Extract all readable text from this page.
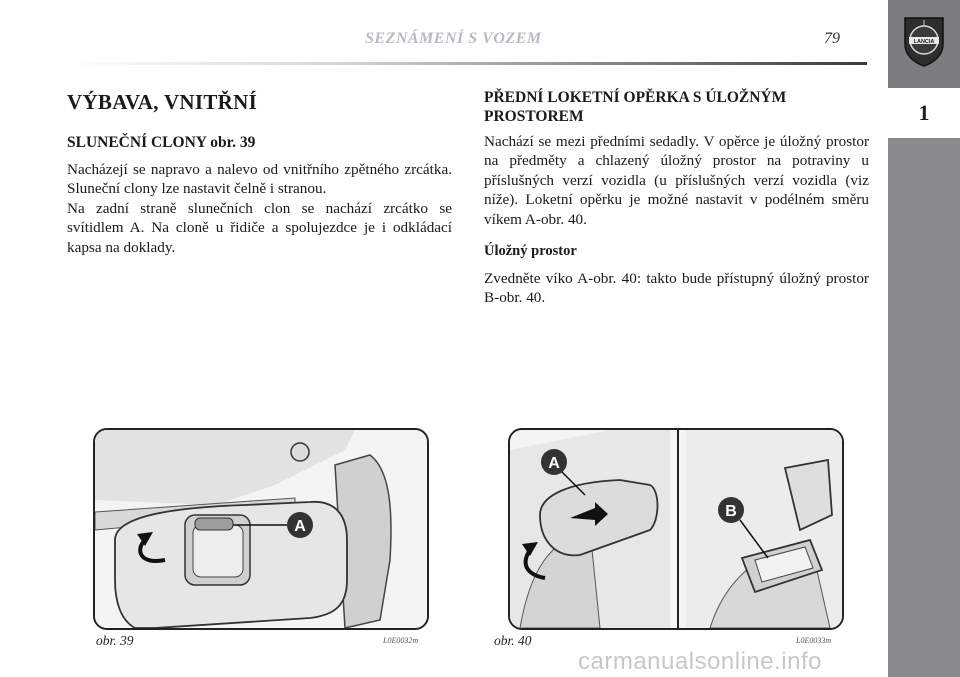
SEZNÁMENÍ S VOZEM	79	LANCIA
1
VÝBAVA, VNITŘNÍ
SLUNEČNÍ CLONY obr. 39

Nacházejí se napravo a nalevo od vnitřního zpětného zrcátka. Sluneční clony lze nastavit čelně i stranou.

Na zadní straně slunečních clon se nachází zrcátko se svítidlem A. Na cloně u řidiče a spolujezdce je i odkládací kapsa na doklady.

PŘEDNÍ LOKETNÍ OPĚRKA S ÚLOŽNÝM PROSTOREM

Nachází se mezi předními sedadly. V opěrce je úložný prostor na předměty a chlazený úložný prostor na potraviny u příslušných verzí vozidla (u příslušných verzí vozidla (viz níže). Loketní opěrku je možné nastavit v podélném směru víkem A-obr. 40.

Úložný prostor

Zvedněte víko A-obr. 40: takto bude přístupný úložný prostor B-obr. 40.

A
obr. 39	L0E0032m
A
B
obr. 40	L0E0033m
carmanualsonline.info
